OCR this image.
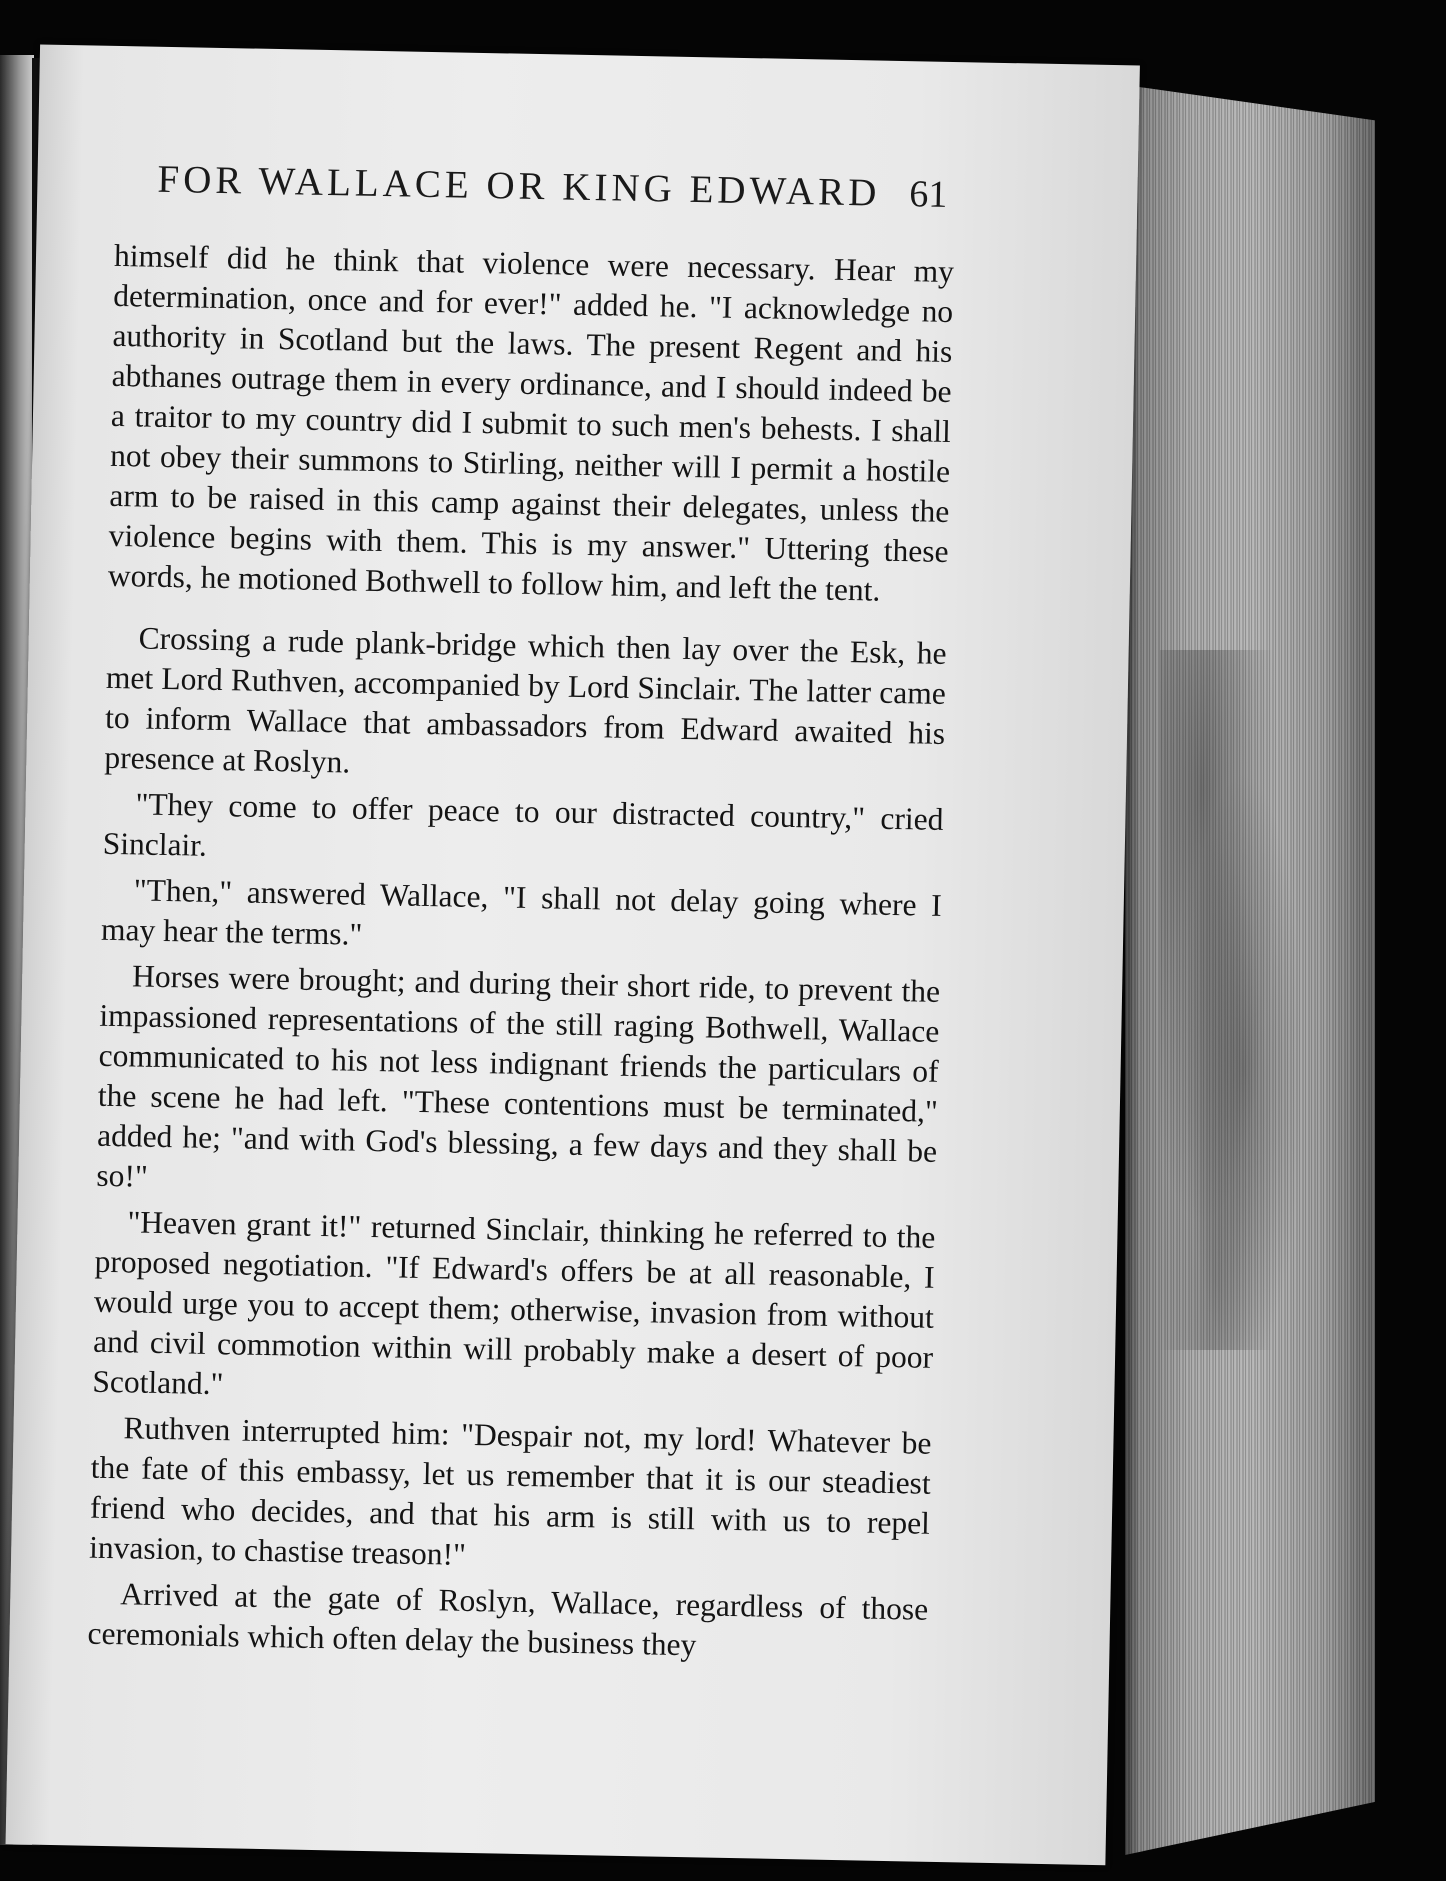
FOR WALLACE OR KING EDWARD 61

himself did he think that violence were necessary. Hear my determination, once and for ever!" added he. "I acknowledge no authority in Scotland but the laws. The present Regent and his abthanes outrage them in every ordinance, and I should indeed be a traitor to my country did I submit to such men's behests. I shall not obey their summons to Stirling, neither will I permit a hostile arm to be raised in this camp against their delegates, unless the violence begins with them. This is my answer." Uttering these words, he motioned Bothwell to follow him, and left the tent.

Crossing a rude plank-bridge which then lay over the Esk, he met Lord Ruthven, accompanied by Lord Sinclair. The latter came to inform Wallace that ambassadors from Edward awaited his presence at Roslyn.

"They come to offer peace to our distracted country," cried Sinclair.

"Then," answered Wallace, "I shall not delay going where I may hear the terms."

Horses were brought; and during their short ride, to prevent the impassioned representations of the still raging Bothwell, Wallace communicated to his not less indignant friends the particulars of the scene he had left. "These contentions must be terminated," added he; "and with God's blessing, a few days and they shall be so!"

"Heaven grant it!" returned Sinclair, thinking he referred to the proposed negotiation. "If Edward's offers be at all reasonable, I would urge you to accept them; otherwise, invasion from without and civil commotion within will probably make a desert of poor Scotland."

Ruthven interrupted him: "Despair not, my lord! Whatever be the fate of this embassy, let us remember that it is our steadiest friend who decides, and that his arm is still with us to repel invasion, to chastise treason!"

Arrived at the gate of Roslyn, Wallace, regardless of those ceremonials which often delay the business they
